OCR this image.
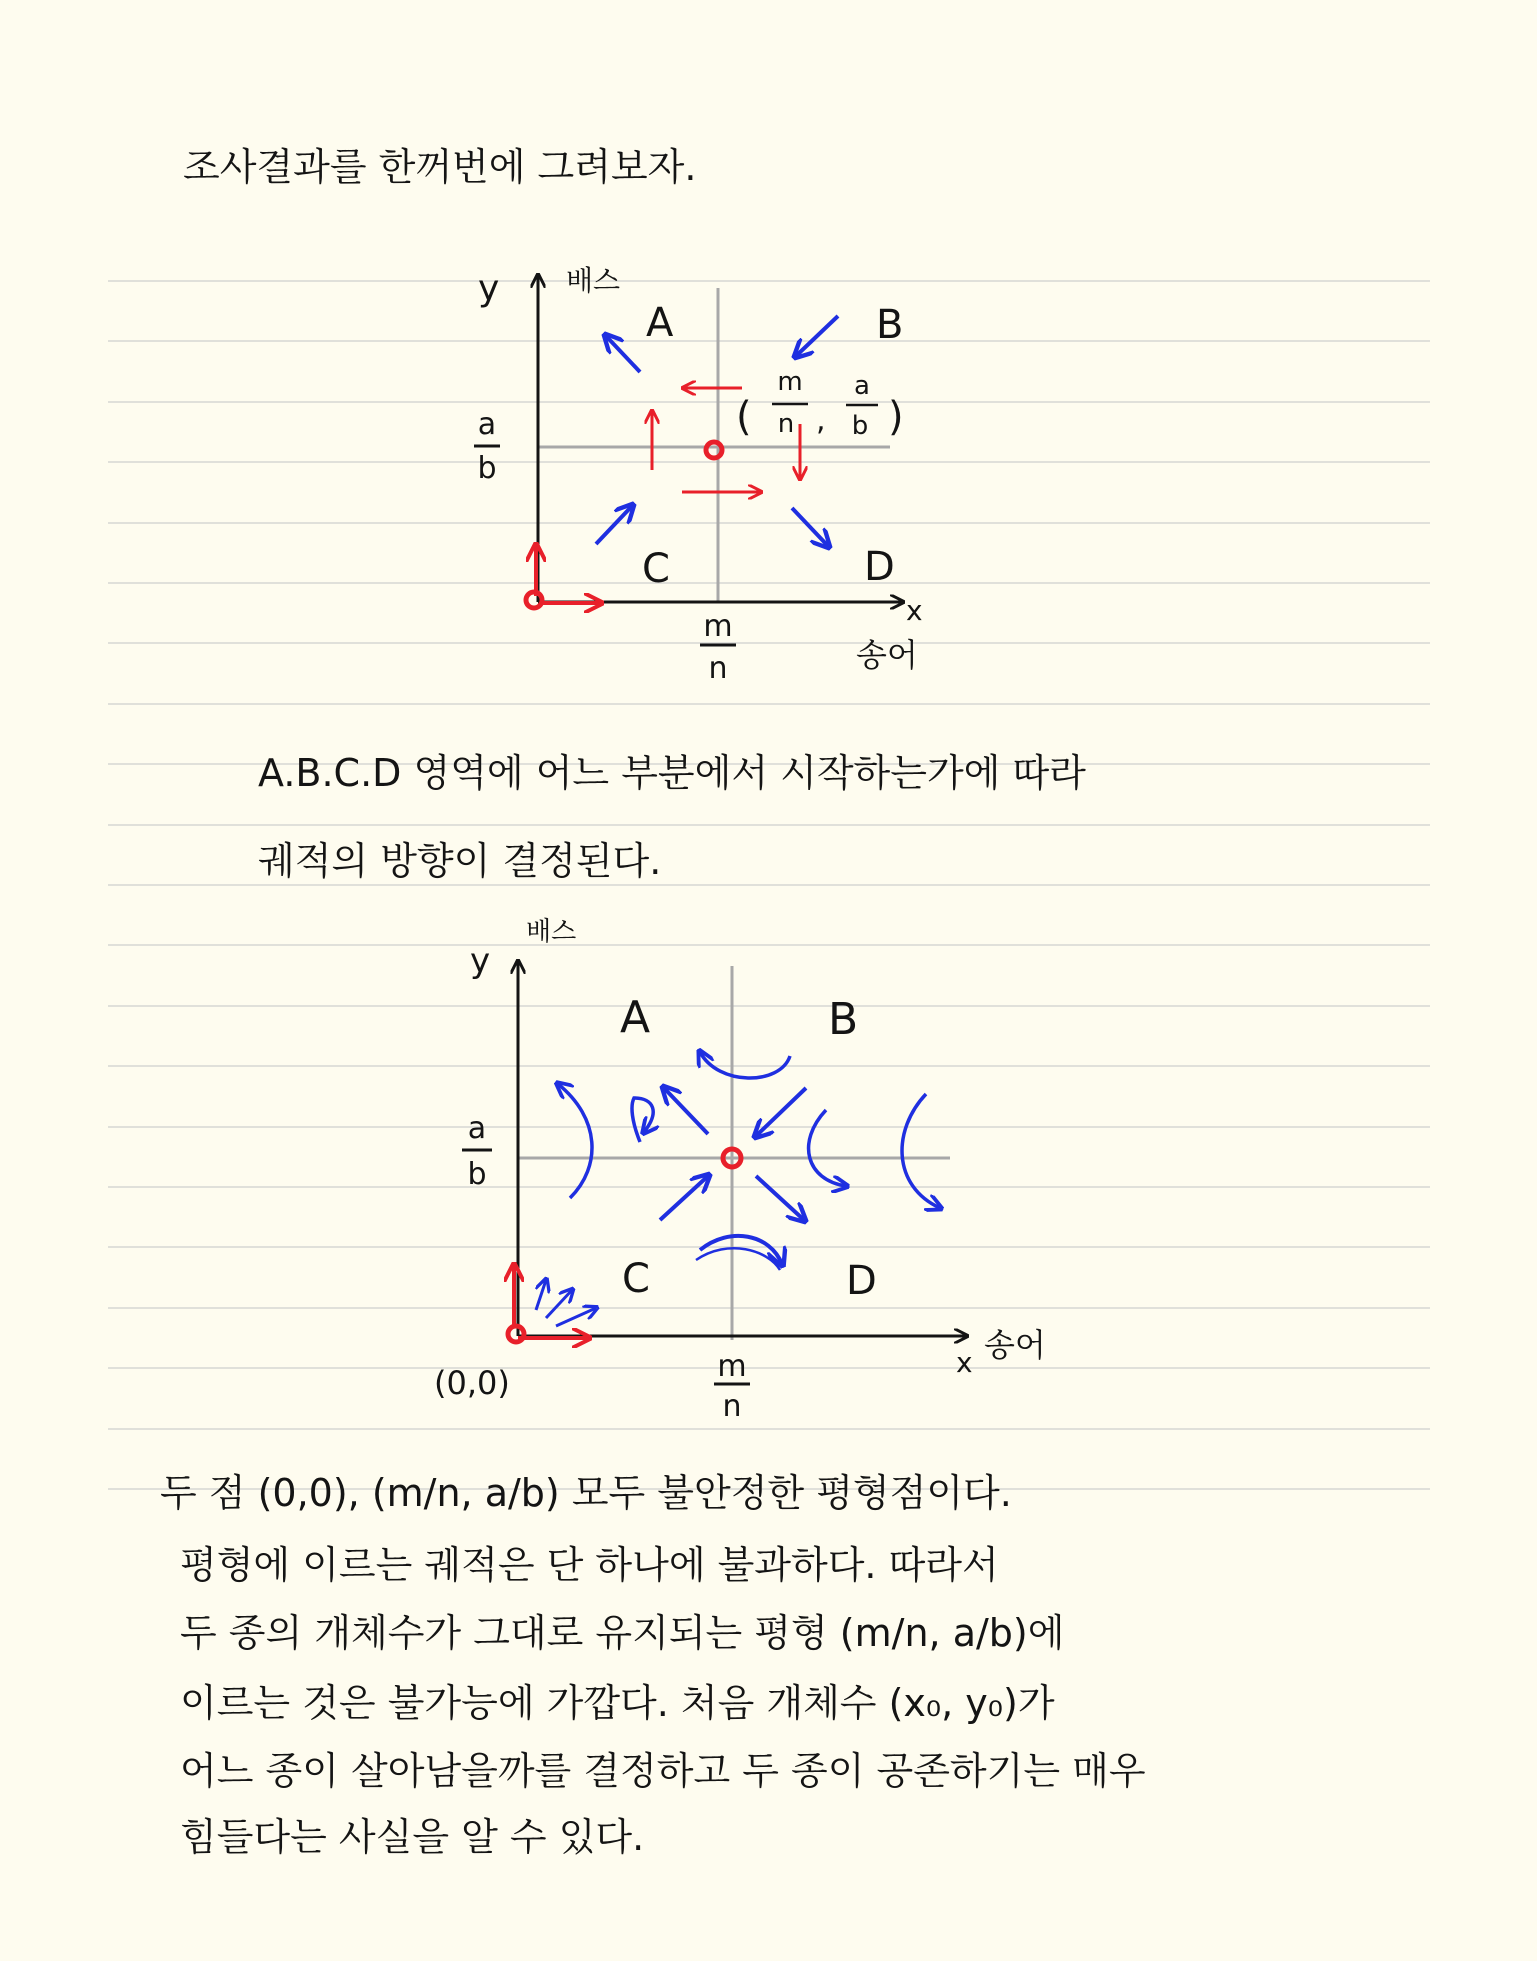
조사결과를 한꺼번에 그려보자.
y 배스
x
송어
a
b
m
n
(
m
n ,
a
b )
A	B
C	D
A.B.C.D 영역에 어느 부분에서 시작하는가에 따라
궤적의 방향이 결정된다.
y
배스
x 송어
a
b
m
n
(0,0)
A	B
C	D
두 점 (0,0), (m/n, a/b) 모두 불안정한 평형점이다.
평형에 이르는 궤적은 단 하나에 불과하다. 따라서
두 종의 개체수가 그대로 유지되는 평형 (m/n, a/b)에
이르는 것은 불가능에 가깝다. 처음 개체수 (x₀, y₀)가
어느 종이 살아남을까를 결정하고 두 종이 공존하기는 매우
힘들다는 사실을 알 수 있다.
